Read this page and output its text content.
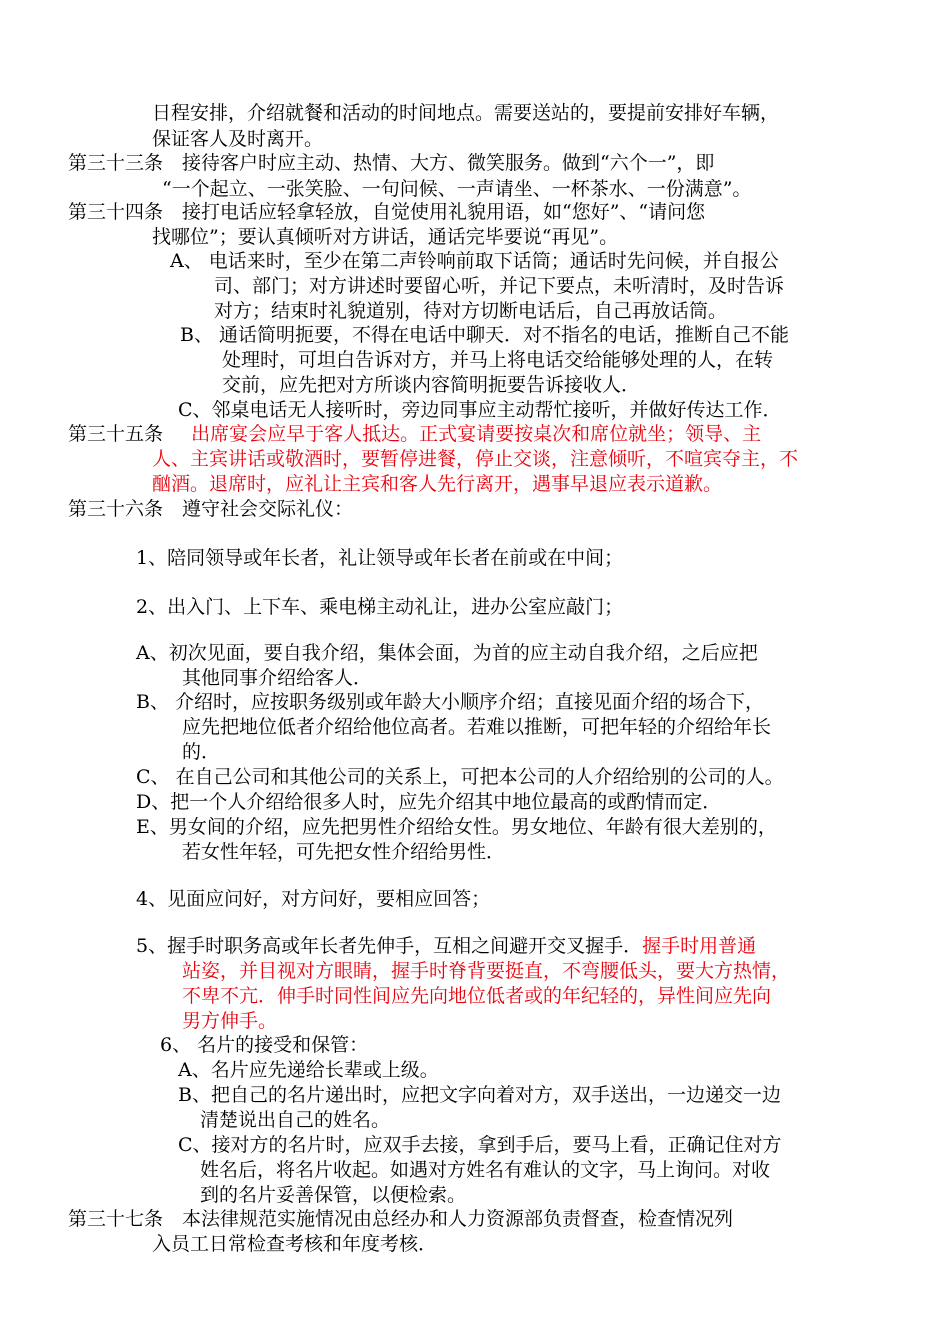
日程安排，介绍就餐和活动的时间地点。需要送站的，要提前安排好车辆，
保证客人及时离开。
第三十三条　接待客户时应主动、热情、大方、微笑服务。做到“六个一”，即
“一个起立、一张笑脸、一句问候、一声请坐、一杯茶水、一份满意”。
第三十四条　接打电话应轻拿轻放，自觉使用礼貌用语，如“您好”、“请问您
找哪位”；要认真倾听对方讲话，通话完毕要说“再见”。
A、 电话来时，至少在第二声铃响前取下话筒；通话时先问候，并自报公
司、部门；对方讲述时要留心听，并记下要点，未听清时，及时告诉
对方；结束时礼貌道别，待对方切断电话后，自己再放话筒。
B、 通话简明扼要，不得在电话中聊天．对不指名的电话，推断自己不能
处理时，可坦白告诉对方，并马上将电话交给能够处理的人，在转
交前，应先把对方所谈内容简明扼要告诉接收人．
C、邻桌电话无人接听时，旁边同事应主动帮忙接听，并做好传达工作．
第三十五条 出席宴会应早于客人抵达。正式宴请要按桌次和席位就坐；领导、主
人、主宾讲话或敬酒时，要暂停进餐，停止交谈，注意倾听，不喧宾夺主，不
酗酒。退席时，应礼让主宾和客人先行离开，遇事早退应表示道歉。
第三十六条　遵守社会交际礼仪：
1、陪同领导或年长者，礼让领导或年长者在前或在中间；
2、出入门、上下车、乘电梯主动礼让，进办公室应敲门；
A、初次见面，要自我介绍，集体会面，为首的应主动自我介绍，之后应把
其他同事介绍给客人．
B、 介绍时，应按职务级别或年龄大小顺序介绍；直接见面介绍的场合下，
应先把地位低者介绍给他位高者。若难以推断，可把年轻的介绍给年长
的．
C、 在自己公司和其他公司的关系上，可把本公司的人介绍给别的公司的人。
D、把一个人介绍给很多人时，应先介绍其中地位最高的或酌情而定．
E、男女间的介绍，应先把男性介绍给女性。男女地位、年龄有很大差别的，
若女性年轻，可先把女性介绍给男性．
4、见面应问好，对方问好，要相应回答；
5、握手时职务高或年长者先伸手，互相之间避开交叉握手．握手时用普通
站姿，并目视对方眼睛，握手时脊背要挺直，不弯腰低头，要大方热情，
不卑不亢．伸手时同性间应先向地位低者或的年纪轻的，异性间应先向
男方伸手。
6、 名片的接受和保管：
A、名片应先递给长辈或上级。
B、把自己的名片递出时，应把文字向着对方，双手送出，一边递交一边
清楚说出自己的姓名。
C、接对方的名片时，应双手去接，拿到手后，要马上看，正确记住对方
姓名后，将名片收起。如遇对方姓名有难认的文字，马上询问。对收
到的名片妥善保管，以便检索。
第三十七条　本法律规范实施情况由总经办和人力资源部负责督查，检查情况列
入员工日常检查考核和年度考核．
